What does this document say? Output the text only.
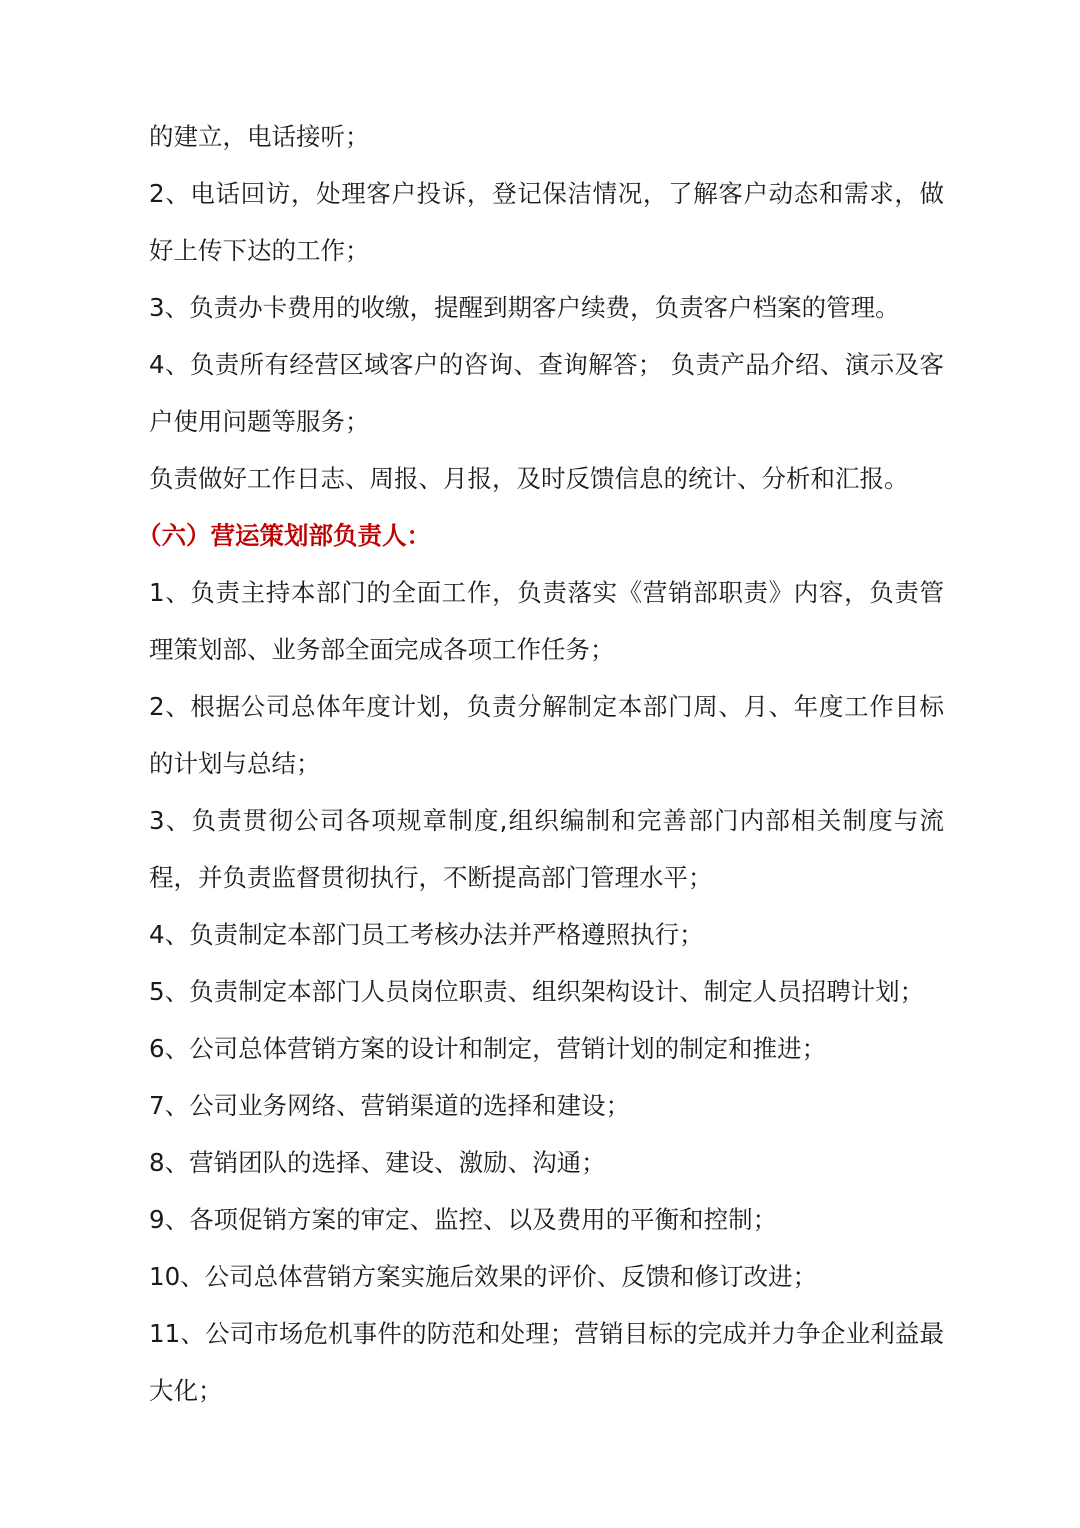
的建立，电话接听；

2、电话回访，处理客户投诉，登记保洁情况，了解客户动态和需求，做好上传下达的工作；

3、负责办卡费用的收缴，提醒到期客户续费，负责客户档案的管理。

4、负责所有经营区域客户的咨询、查询解答； 负责产品介绍、演示及客户使用问题等服务；

负责做好工作日志、周报、月报，及时反馈信息的统计、分析和汇报。

（六）营运策划部负责人：

1、负责主持本部门的全面工作，负责落实《营销部职责》内容，负责管理策划部、业务部全面完成各项工作任务；

2、根据公司总体年度计划，负责分解制定本部门周、月、年度工作目标的计划与总结；

3、负责贯彻公司各项规章制度,组织编制和完善部门内部相关制度与流程，并负责监督贯彻执行，不断提高部门管理水平；

4、负责制定本部门员工考核办法并严格遵照执行；

5、负责制定本部门人员岗位职责、组织架构设计、制定人员招聘计划；

6、公司总体营销方案的设计和制定，营销计划的制定和推进；

7、公司业务网络、营销渠道的选择和建设；

8、营销团队的选择、建设、激励、沟通；

9、各项促销方案的审定、监控、以及费用的平衡和控制；

10、公司总体营销方案实施后效果的评价、反馈和修订改进；

11、公司市场危机事件的防范和处理；营销目标的完成并力争企业利益最大化；
